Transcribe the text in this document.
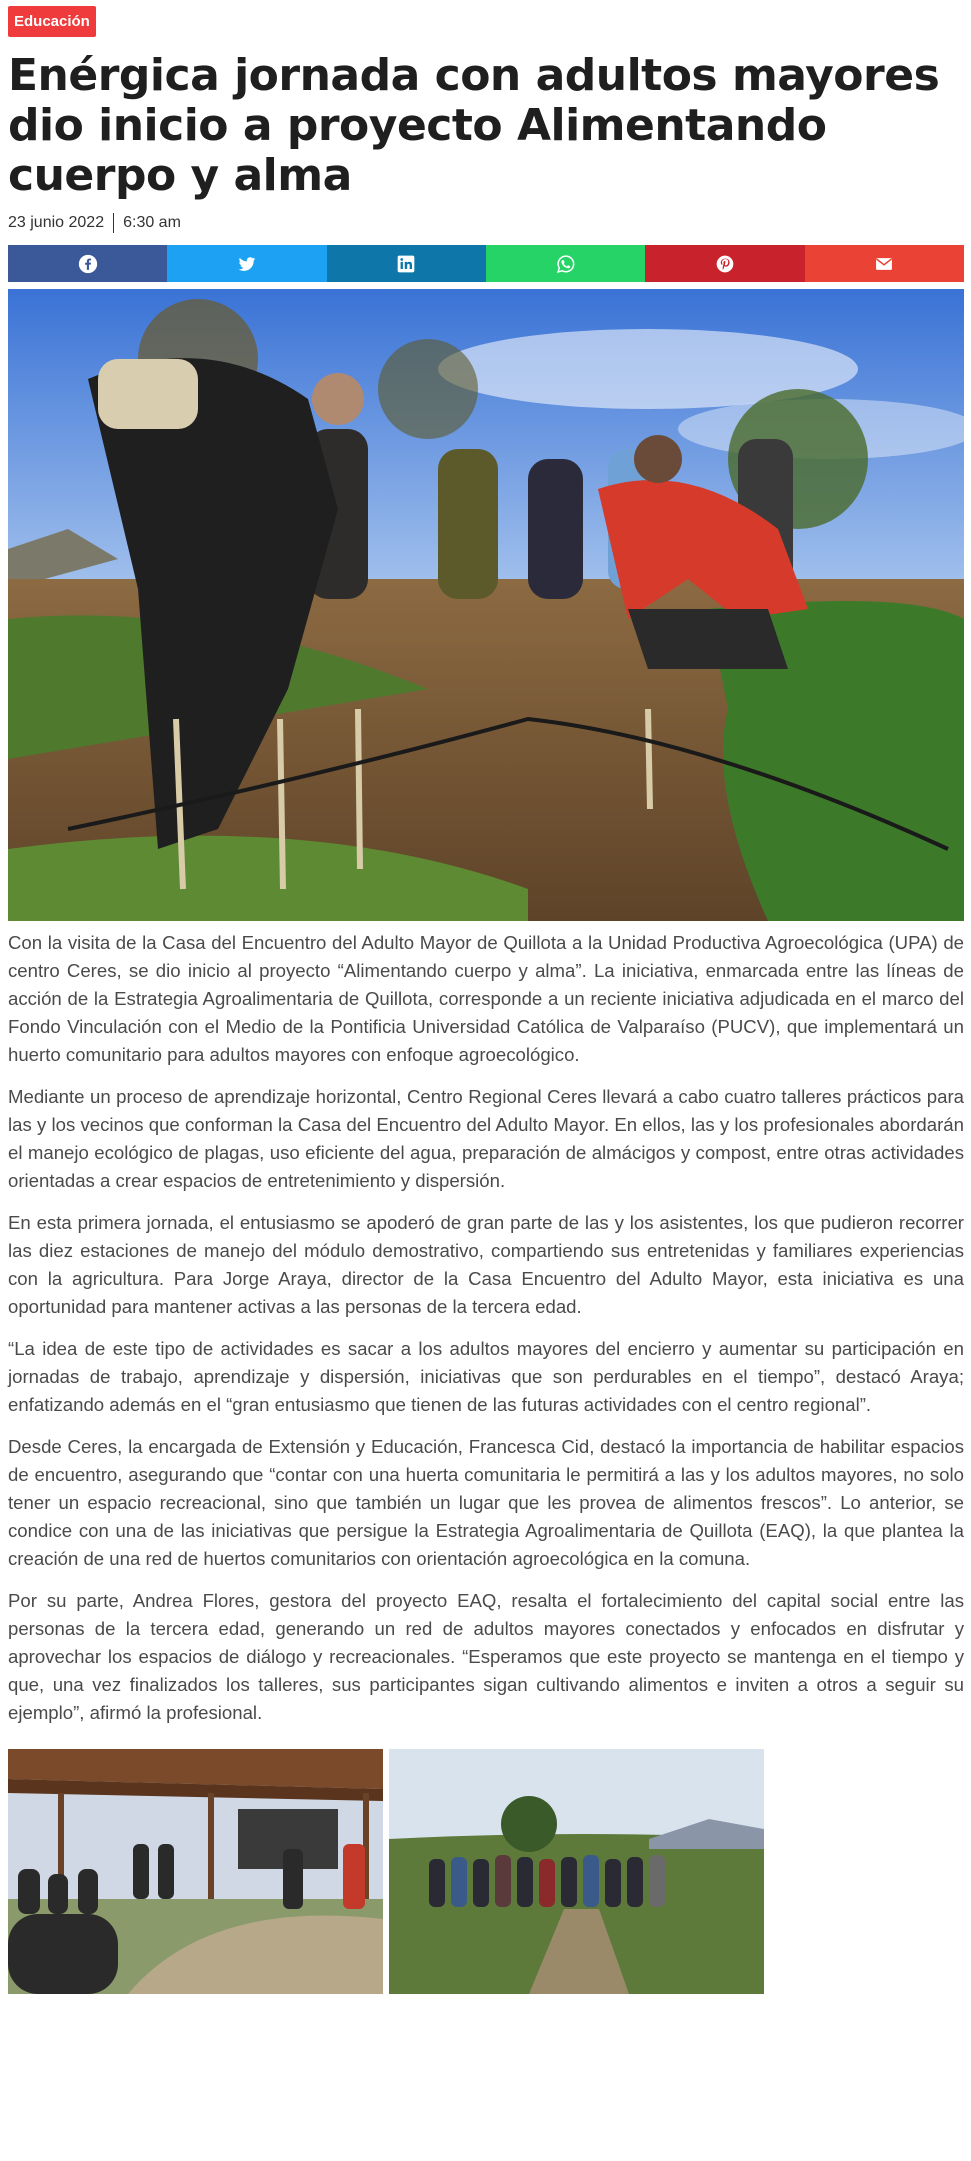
Educación
Enérgica jornada con adultos mayores dio inicio a proyecto Alimentando cuerpo y alma
23 junio 2022 6:30 am

Con la visita de la Casa del Encuentro del Adulto Mayor de Quillota a la Unidad Productiva Agroecológica (UPA) de centro Ceres, se dio inicio al proyecto “Alimentando cuerpo y alma”. La iniciativa, enmarcada entre las líneas de acción de la Estrategia Agroalimentaria de Quillota, corresponde a un reciente iniciativa adjudicada en el marco del Fondo Vinculación con el Medio de la Pontificia Universidad Católica de Valparaíso (PUCV), que implementará un huerto comunitario para adultos mayores con enfoque agroecológico.

Mediante un proceso de aprendizaje horizontal, Centro Regional Ceres llevará a cabo cuatro talleres prácticos para las y los vecinos que conforman la Casa del Encuentro del Adulto Mayor. En ellos, las y los profesionales abordarán el manejo ecológico de plagas, uso eficiente del agua, preparación de almácigos y compost, entre otras actividades orientadas a crear espacios de entretenimiento y dispersión.

En esta primera jornada, el entusiasmo se apoderó de gran parte de las y los asistentes, los que pudieron recorrer las diez estaciones de manejo del módulo demostrativo, compartiendo sus entretenidas y familiares experiencias con la agricultura. Para Jorge Araya, director de la Casa Encuentro del Adulto Mayor, esta iniciativa es una oportunidad para mantener activas a las personas de la tercera edad.

“La idea de este tipo de actividades es sacar a los adultos mayores del encierro y aumentar su participación en jornadas de trabajo, aprendizaje y dispersión, iniciativas que son perdurables en el tiempo”, destacó Araya; enfatizando además en el “gran entusiasmo que tienen de las futuras actividades con el centro regional”.

Desde Ceres, la encargada de Extensión y Educación, Francesca Cid, destacó la importancia de habilitar espacios de encuentro, asegurando que “contar con una huerta comunitaria le permitirá a las y los adultos mayores, no solo tener un espacio recreacional, sino que también un lugar que les provea de alimentos frescos”. Lo anterior, se condice con una de las iniciativas que persigue la Estrategia Agroalimentaria de Quillota (EAQ), la que plantea la creación de una red de huertos comunitarios con orientación agroecológica en la comuna.

Por su parte, Andrea Flores, gestora del proyecto EAQ, resalta el fortalecimiento del capital social entre las personas de la tercera edad, generando un red de adultos mayores conectados y enfocados en disfrutar y aprovechar los espacios de diálogo y recreacionales. “Esperamos que este proyecto se mantenga en el tiempo y que, una vez finalizados los talleres, sus participantes sigan cultivando alimentos e inviten a otros a seguir su ejemplo”, afirmó la profesional.
